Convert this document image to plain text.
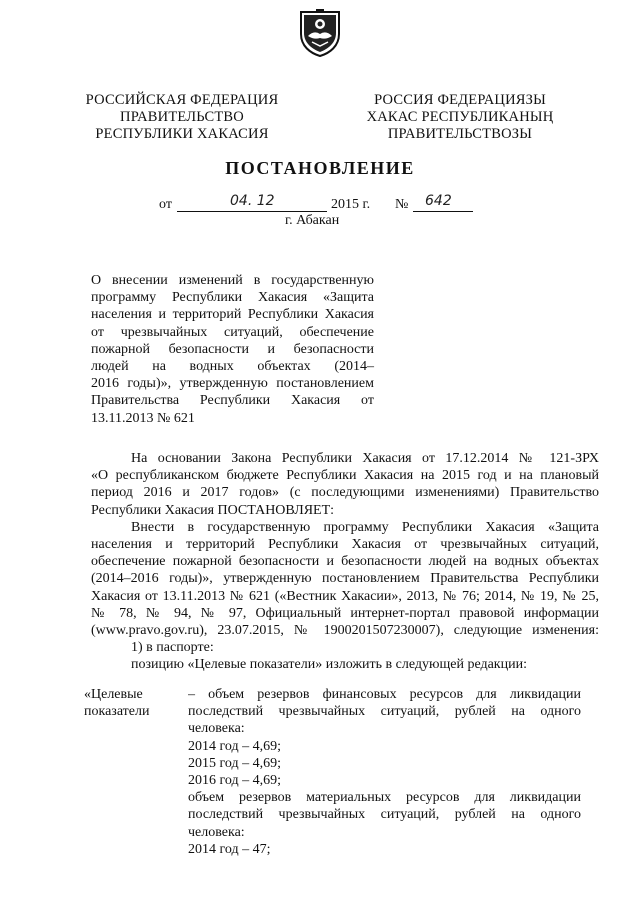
РОССИЙСКАЯ ФЕДЕРАЦИЯ
ПРАВИТЕЛЬСТВО
РЕСПУБЛИКИ ХАКАСИЯ
РОССИЯ ФЕДЕРАЦИЯЗЫ
ХАКАС РЕСПУБЛИКАНЫҢ
ПРАВИТЕЛЬСТВОЗЫ
ПОСТАНОВЛЕНИЕ
от	04. 12	2015 г. № 642
г. Абакан
О внесении изменений в государственную
программу Республики Хакасия «Защита
населения и территорий Республики Хакасия
от чрезвычайных ситуаций, обеспечение
пожарной безопасности и безопасности
людей на водных объектах (2014–
2016 годы)», утвержденную постановлением
Правительства Республики Хакасия от
13.11.2013 № 621
На основании Закона Республики Хакасия от 17.12.2014 № 121-ЗРХ
«О республиканском бюджете Республики Хакасия на 2015 год и на плановый
период 2016 и 2017 годов» (с последующими изменениями) Правительство
Республики Хакасия ПОСТАНОВЛЯЕТ:
Внести в государственную программу Республики Хакасия «Защита
населения и территорий Республики Хакасия от чрезвычайных ситуаций,
обеспечение пожарной безопасности и безопасности людей на водных объектах
(2014–2016 годы)», утвержденную постановлением Правительства Республики
Хакасия от 13.11.2013 № 621 («Вестник Хакасии», 2013, № 76; 2014, № 19, № 25,
№ 78, № 94, № 97, Официальный интернет-портал правовой информации
(www.pravo.gov.ru), 23.07.2015, № 1900201507230007), следующие изменения:
1) в паспорте:
позицию «Целевые показатели» изложить в следующей редакции:
«Целевые
показатели
– объем резервов финансовых ресурсов для ликвидации
последствий чрезвычайных ситуаций, рублей на одного
человека:
2014 год – 4,69;
2015 год – 4,69;
2016 год – 4,69;
объем резервов материальных ресурсов для ликвидации
последствий чрезвычайных ситуаций, рублей на одного
человека:
2014 год – 47;
